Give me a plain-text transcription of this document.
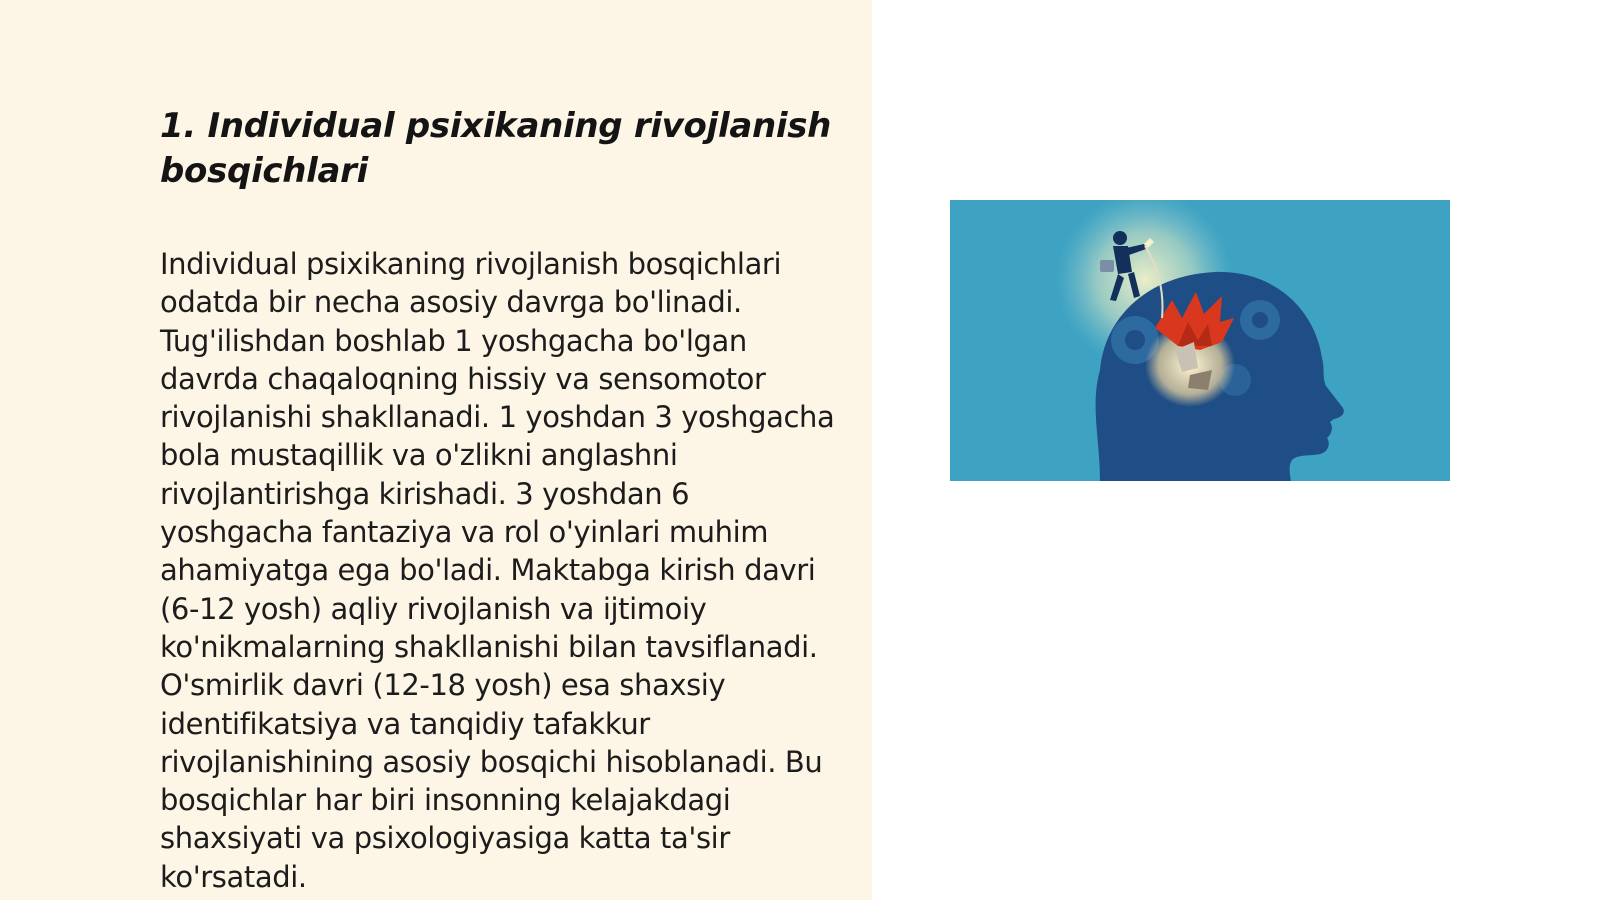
1. Individual psixikaning rivojlanish bosqichlari

Individual psixikaning rivojlanish bosqichlari odatda bir necha asosiy davrga bo'linadi. Tug'ilishdan boshlab 1 yoshgacha bo'lgan davrda chaqaloqning hissiy va sensomotor rivojlanishi shakllanadi. 1 yoshdan 3 yoshgacha bola mustaqillik va o'zlikni anglashni rivojlantirishga kirishadi. 3 yoshdan 6 yoshgacha fantaziya va rol o'yinlari muhim ahamiyatga ega bo'ladi. Maktabga kirish davri (6-12 yosh) aqliy rivojlanish va ijtimoiy ko'nikmalarning shakllanishi bilan tavsiflanadi. O'smirlik davri (12-18 yosh) esa shaxsiy identifikatsiya va tanqidiy tafakkur rivojlanishining asosiy bosqichi hisoblanadi. Bu bosqichlar har biri insonning kelajakdagi shaxsiyati va psixologiyasiga katta ta'sir ko'rsatadi.
